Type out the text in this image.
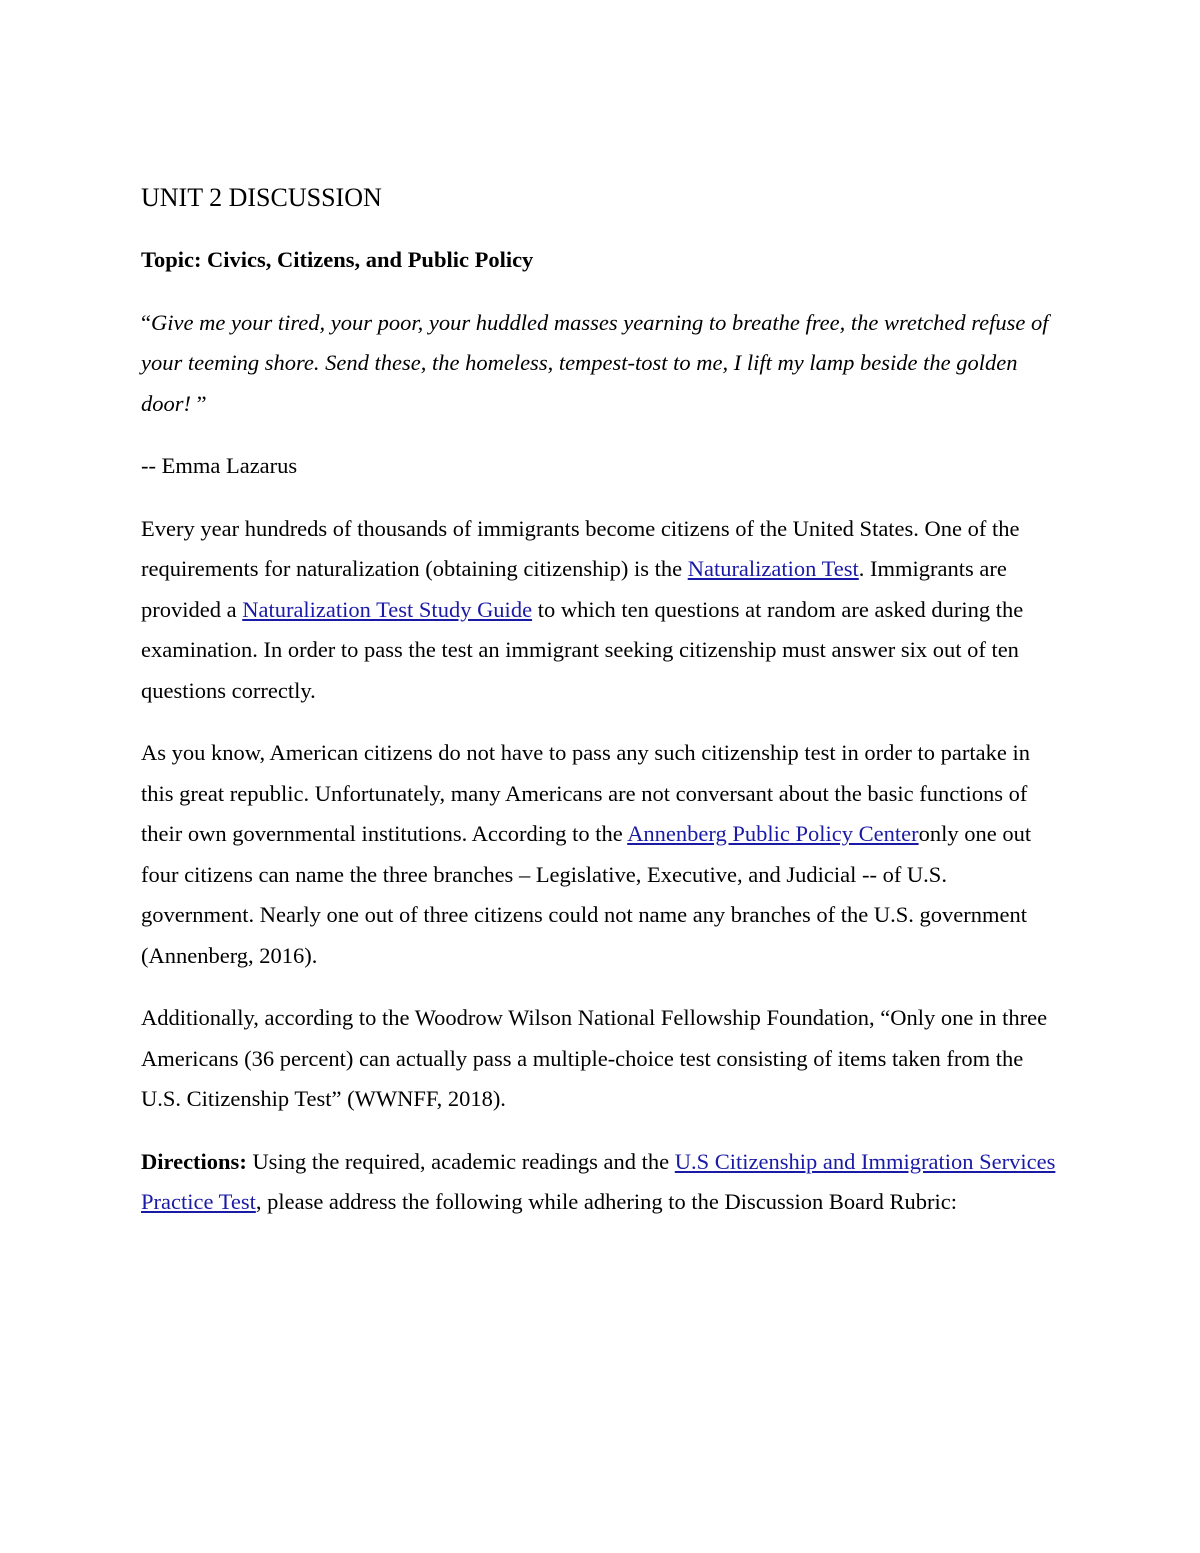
UNIT 2 DISCUSSION
Topic: Civics, Citizens, and Public Policy
“Give me your tired, your poor, your huddled masses yearning to breathe free, the wretched refuse of your teeming shore. Send these, the homeless, tempest-tost to me, I lift my lamp beside the golden door! ”
-- Emma Lazarus

Every year hundreds of thousands of immigrants become citizens of the United States. One of the requirements for naturalization (obtaining citizenship) is the Naturalization Test. Immigrants are provided a Naturalization Test Study Guide to which ten questions at random are asked during the examination. In order to pass the test an immigrant seeking citizenship must answer six out of ten questions correctly.

As you know, American citizens do not have to pass any such citizenship test in order to partake in this great republic. Unfortunately, many Americans are not conversant about the basic functions of their own governmental institutions. According to the Annenberg Public Policy Centeronly one out four citizens can name the three branches – Legislative, Executive, and Judicial -- of U.S. government. Nearly one out of three citizens could not name any branches of the U.S. government (Annenberg, 2016).

Additionally, according to the Woodrow Wilson National Fellowship Foundation, “Only one in three Americans (36 percent) can actually pass a multiple-choice test consisting of items taken from the U.S. Citizenship Test” (WWNFF, 2018).

Directions: Using the required, academic readings and the U.S Citizenship and Immigration Services Practice Test, please address the following while adhering to the Discussion Board Rubric:
